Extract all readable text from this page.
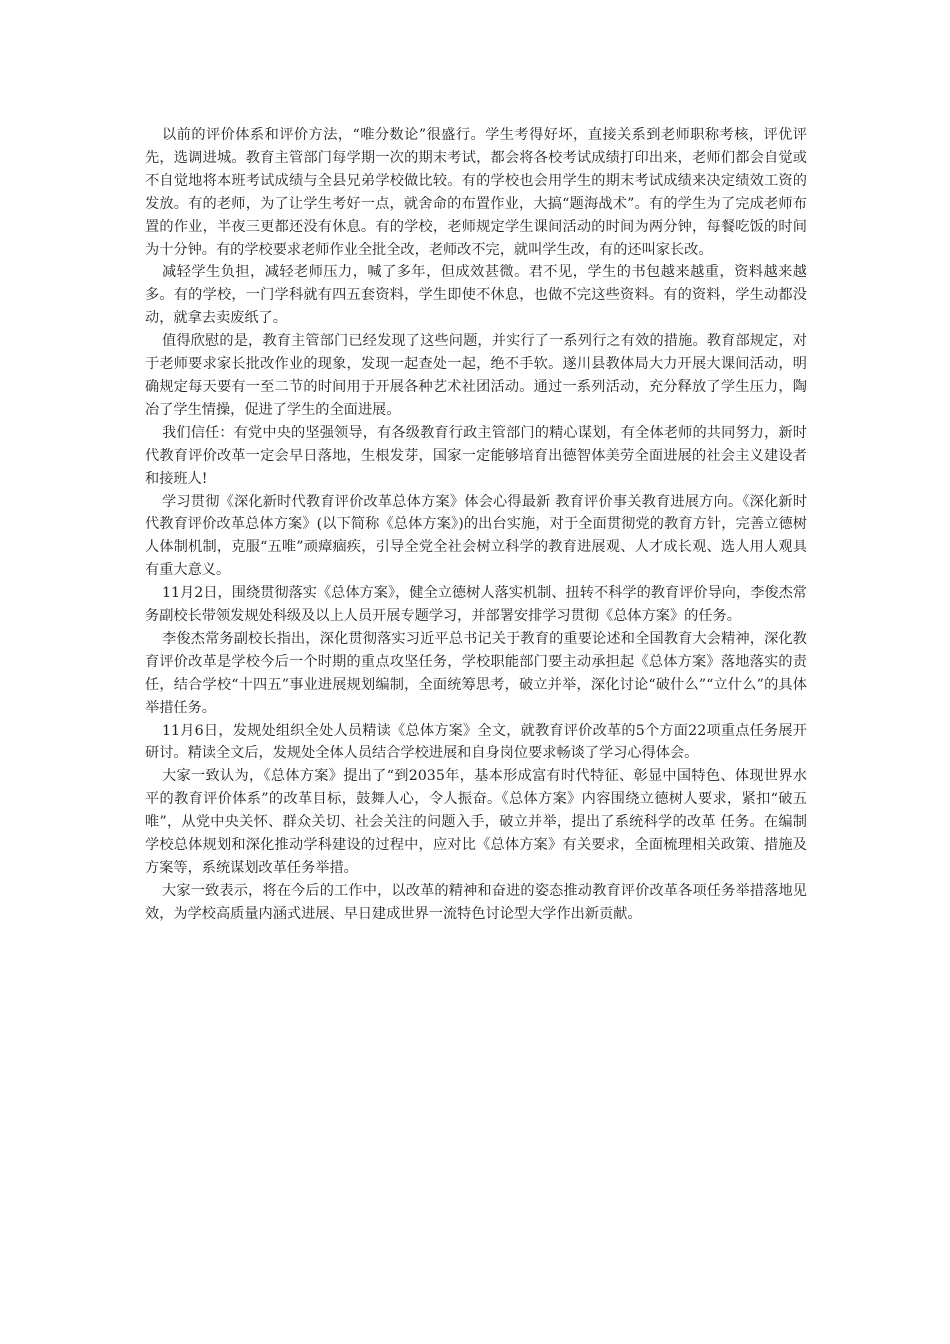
以前的评价体系和评价方法，“唯分数论”很盛行。学生考得好坏，直接关系到老师职称考核，评优评先，选调进城。教育主管部门每学期一次的期末考试，都会将各校考试成绩打印出来，老师们都会自觉或不自觉地将本班考试成绩与全县兄弟学校做比较。有的学校也会用学生的期末考试成绩来决定绩效工资的发放。有的老师，为了让学生考好一点，就舍命的布置作业，大搞“题海战术”。有的学生为了完成老师布置的作业，半夜三更都还没有休息。有的学校，老师规定学生课间活动的时间为两分钟，每餐吃饭的时间为十分钟。有的学校要求老师作业全批全改，老师改不完，就叫学生改，有的还叫家长改。

减轻学生负担，减轻老师压力，喊了多年，但成效甚微。君不见，学生的书包越来越重，资料越来越多。有的学校，一门学科就有四五套资料，学生即使不休息，也做不完这些资料。有的资料，学生动都没动，就拿去卖废纸了。

值得欣慰的是，教育主管部门已经发现了这些问题，并实行了一系列行之有效的措施。教育部规定，对于老师要求家长批改作业的现象，发现一起查处一起，绝不手软。遂川县教体局大力开展大课间活动，明确规定每天要有一至二节的时间用于开展各种艺术社团活动。通过一系列活动，充分释放了学生压力，陶冶了学生情操，促进了学生的全面进展。

我们信任：有党中央的坚强领导，有各级教育行政主管部门的精心谋划，有全体老师的共同努力，新时代教育评价改革一定会早日落地，生根发芽，国家一定能够培育出德智体美劳全面进展的社会主义建设者和接班人!

学习贯彻《深化新时代教育评价改革总体方案》体会心得最新 教育评价事关教育进展方向。《深化新时代教育评价改革总体方案》(以下简称《总体方案》)的出台实施，对于全面贯彻党的教育方针，完善立德树人体制机制，克服“五唯”顽瘴痼疾，引导全党全社会树立科学的教育进展观、人才成长观、选人用人观具有重大意义。

11月2日，围绕贯彻落实《总体方案》，健全立德树人落实机制、扭转不科学的教育评价导向，李俊杰常务副校长带领发规处科级及以上人员开展专题学习，并部署安排学习贯彻《总体方案》的任务。

李俊杰常务副校长指出，深化贯彻落实习近平总书记关于教育的重要论述和全国教育大会精神，深化教育评价改革是学校今后一个时期的重点攻坚任务，学校职能部门要主动承担起《总体方案》落地落实的责任，结合学校“十四五”事业进展规划编制，全面统筹思考，破立并举，深化讨论“破什么”“立什么”的具体举措任务。

11月6日，发规处组织全处人员精读《总体方案》全文，就教育评价改革的5个方面22项重点任务展开研讨。精读全文后，发规处全体人员结合学校进展和自身岗位要求畅谈了学习心得体会。

大家一致认为，《总体方案》提出了“到2035年，基本形成富有时代特征、彰显中国特色、体现世界水平的教育评价体系”的改革目标，鼓舞人心，令人振奋。《总体方案》内容围绕立德树人要求，紧扣“破五唯”，从党中央关怀、群众关切、社会关注的问题入手，破立并举，提出了系统科学的改革 任务。在编制学校总体规划和深化推动学科建设的过程中，应对比《总体方案》有关要求，全面梳理相关政策、措施及方案等，系统谋划改革任务举措。

大家一致表示，将在今后的工作中，以改革的精神和奋进的姿态推动教育评价改革各项任务举措落地见效，为学校高质量内涵式进展、早日建成世界一流特色讨论型大学作出新贡献。
